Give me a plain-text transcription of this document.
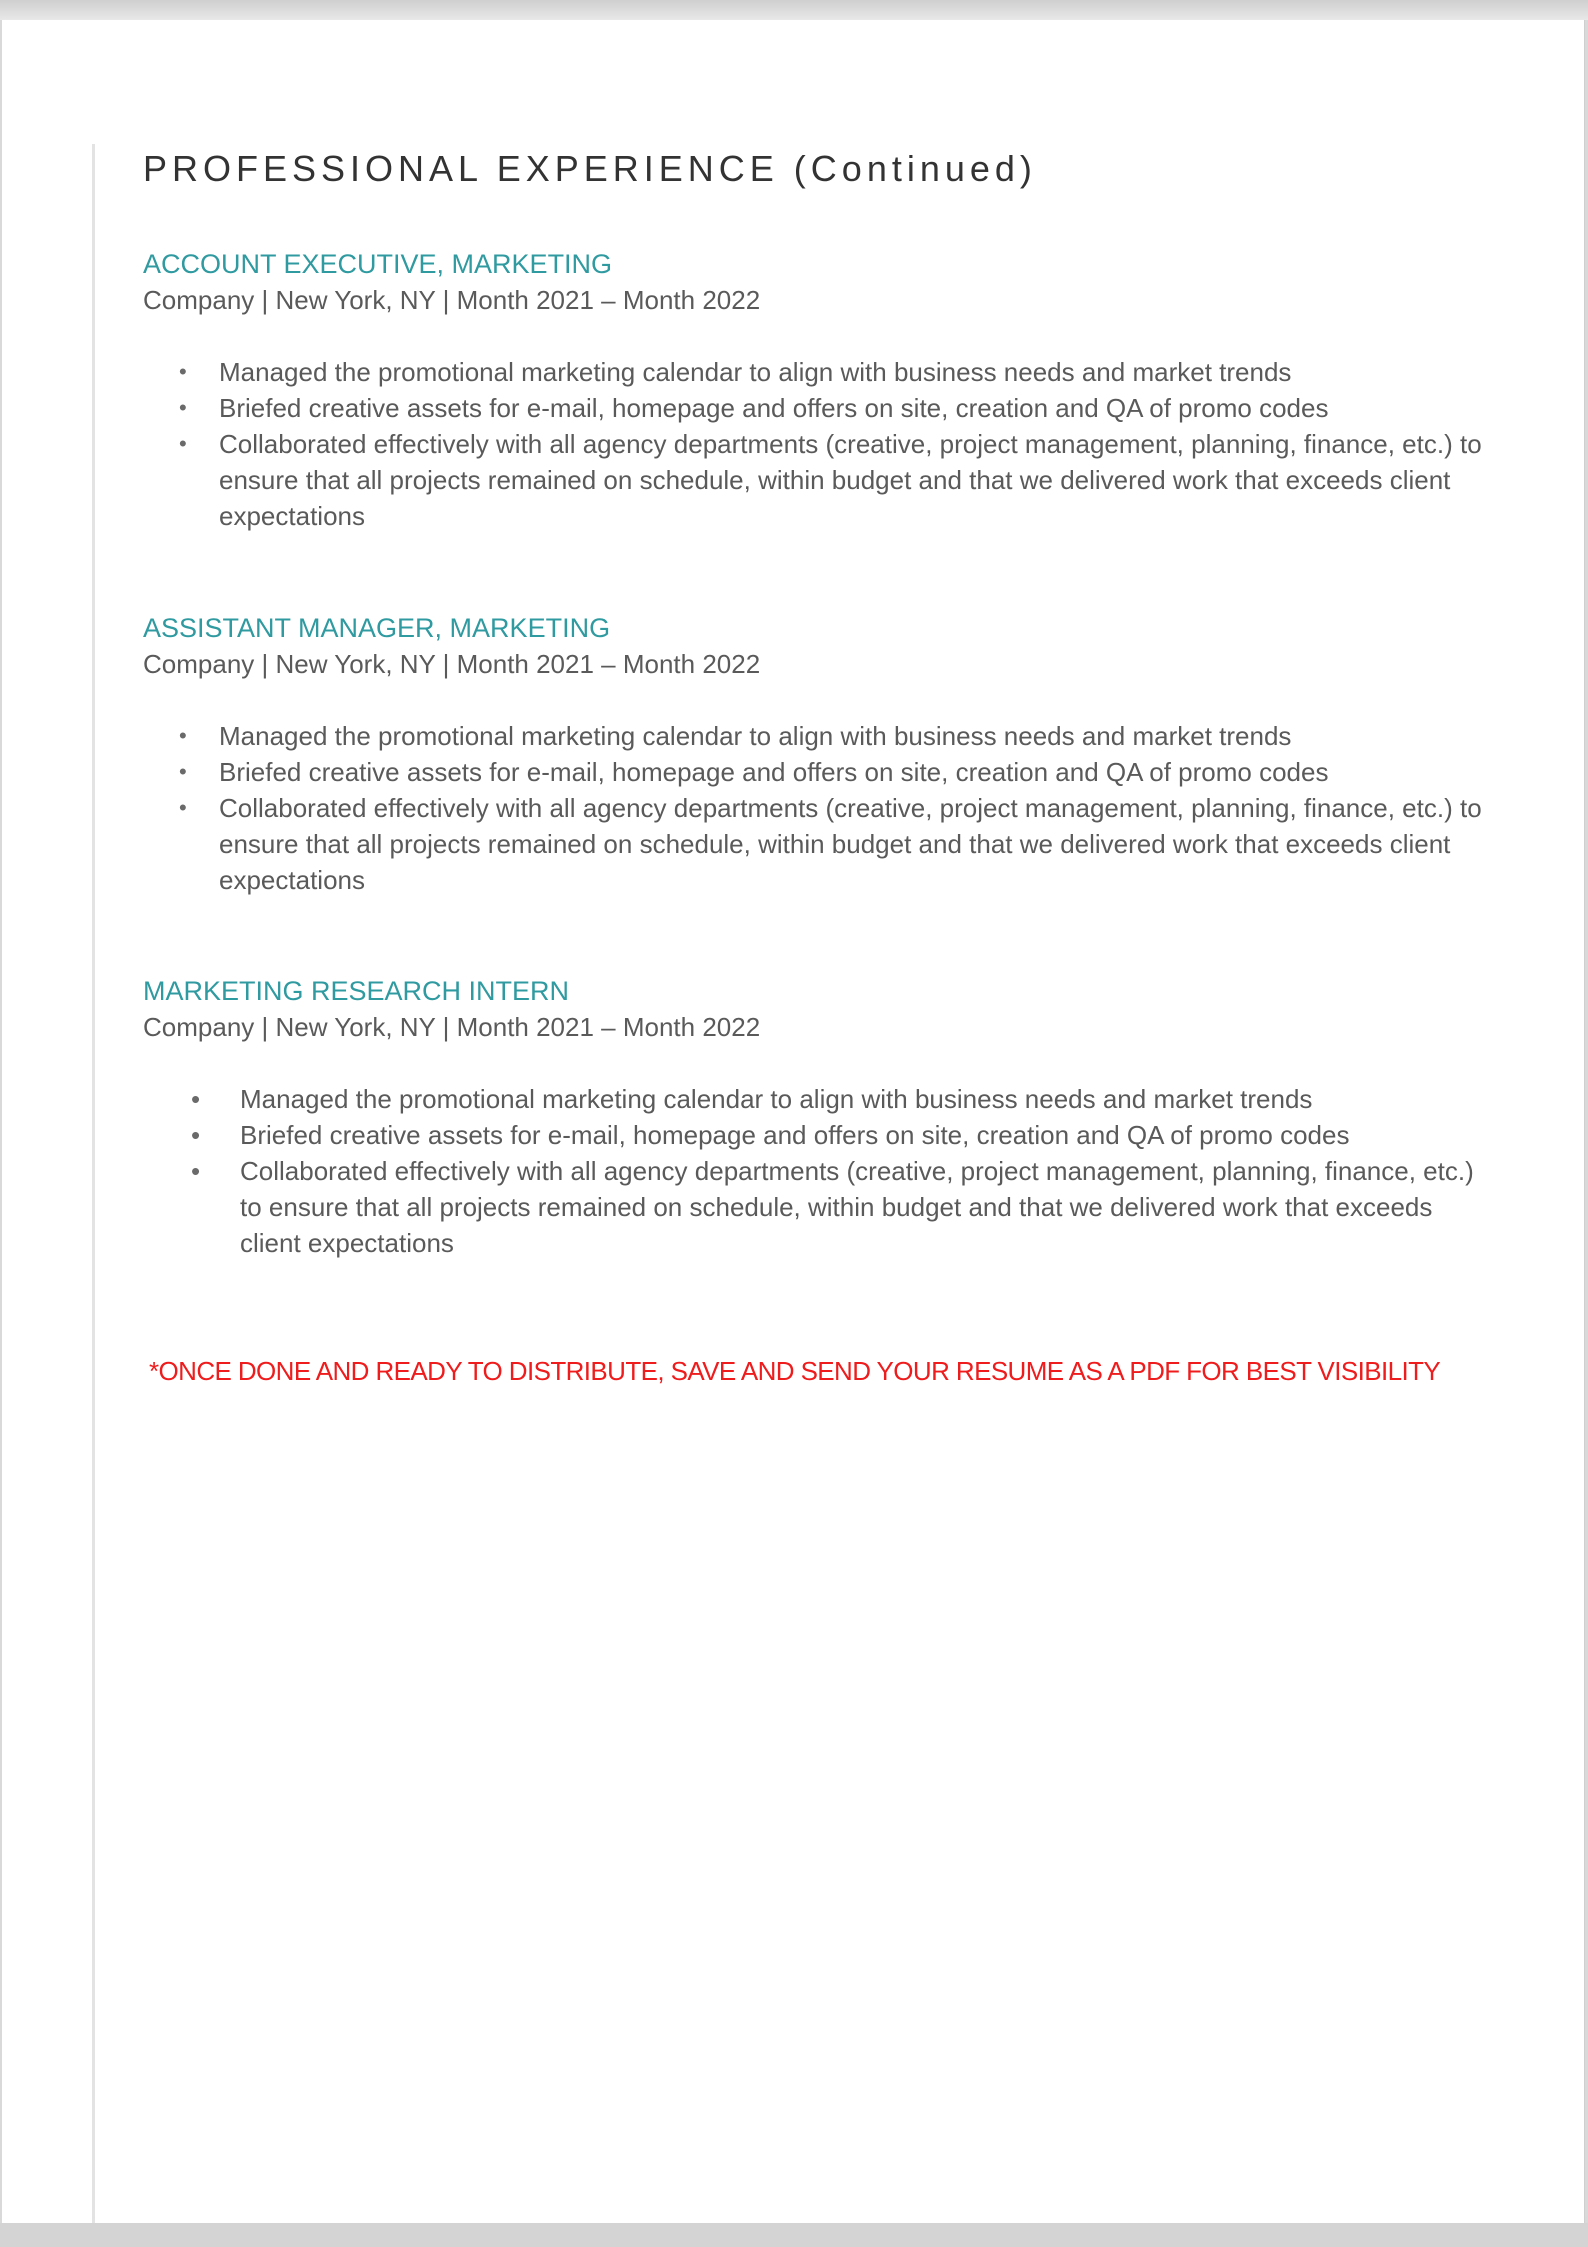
PROFESSIONAL EXPERIENCE (Continued)
ACCOUNT EXECUTIVE, MARKETING

Company | New York, NY | Month 2021 – Month 2022

• Managed the promotional marketing calendar to align with business needs and market trends
• Briefed creative assets for e-mail, homepage and offers on site, creation and QA of promo codes
• Collaborated effectively with all agency departments (creative, project management, planning, finance, etc.) to ensure that all projects remained on schedule, within budget and that we delivered work that exceeds client expectations
ASSISTANT MANAGER, MARKETING

Company | New York, NY | Month 2021 – Month 2022

• Managed the promotional marketing calendar to align with business needs and market trends
• Briefed creative assets for e-mail, homepage and offers on site, creation and QA of promo codes
• Collaborated effectively with all agency departments (creative, project management, planning, finance, etc.) to ensure that all projects remained on schedule, within budget and that we delivered work that exceeds client expectations
MARKETING RESEARCH INTERN

Company | New York, NY | Month 2021 – Month 2022

• Managed the promotional marketing calendar to align with business needs and market trends
• Briefed creative assets for e-mail, homepage and offers on site, creation and QA of promo codes
• Collaborated effectively with all agency departments (creative, project management, planning, finance, etc.) to ensure that all projects remained on schedule, within budget and that we delivered work that exceeds client expectations

*ONCE DONE AND READY TO DISTRIBUTE, SAVE AND SEND YOUR RESUME AS A PDF FOR BEST VISIBILITY
